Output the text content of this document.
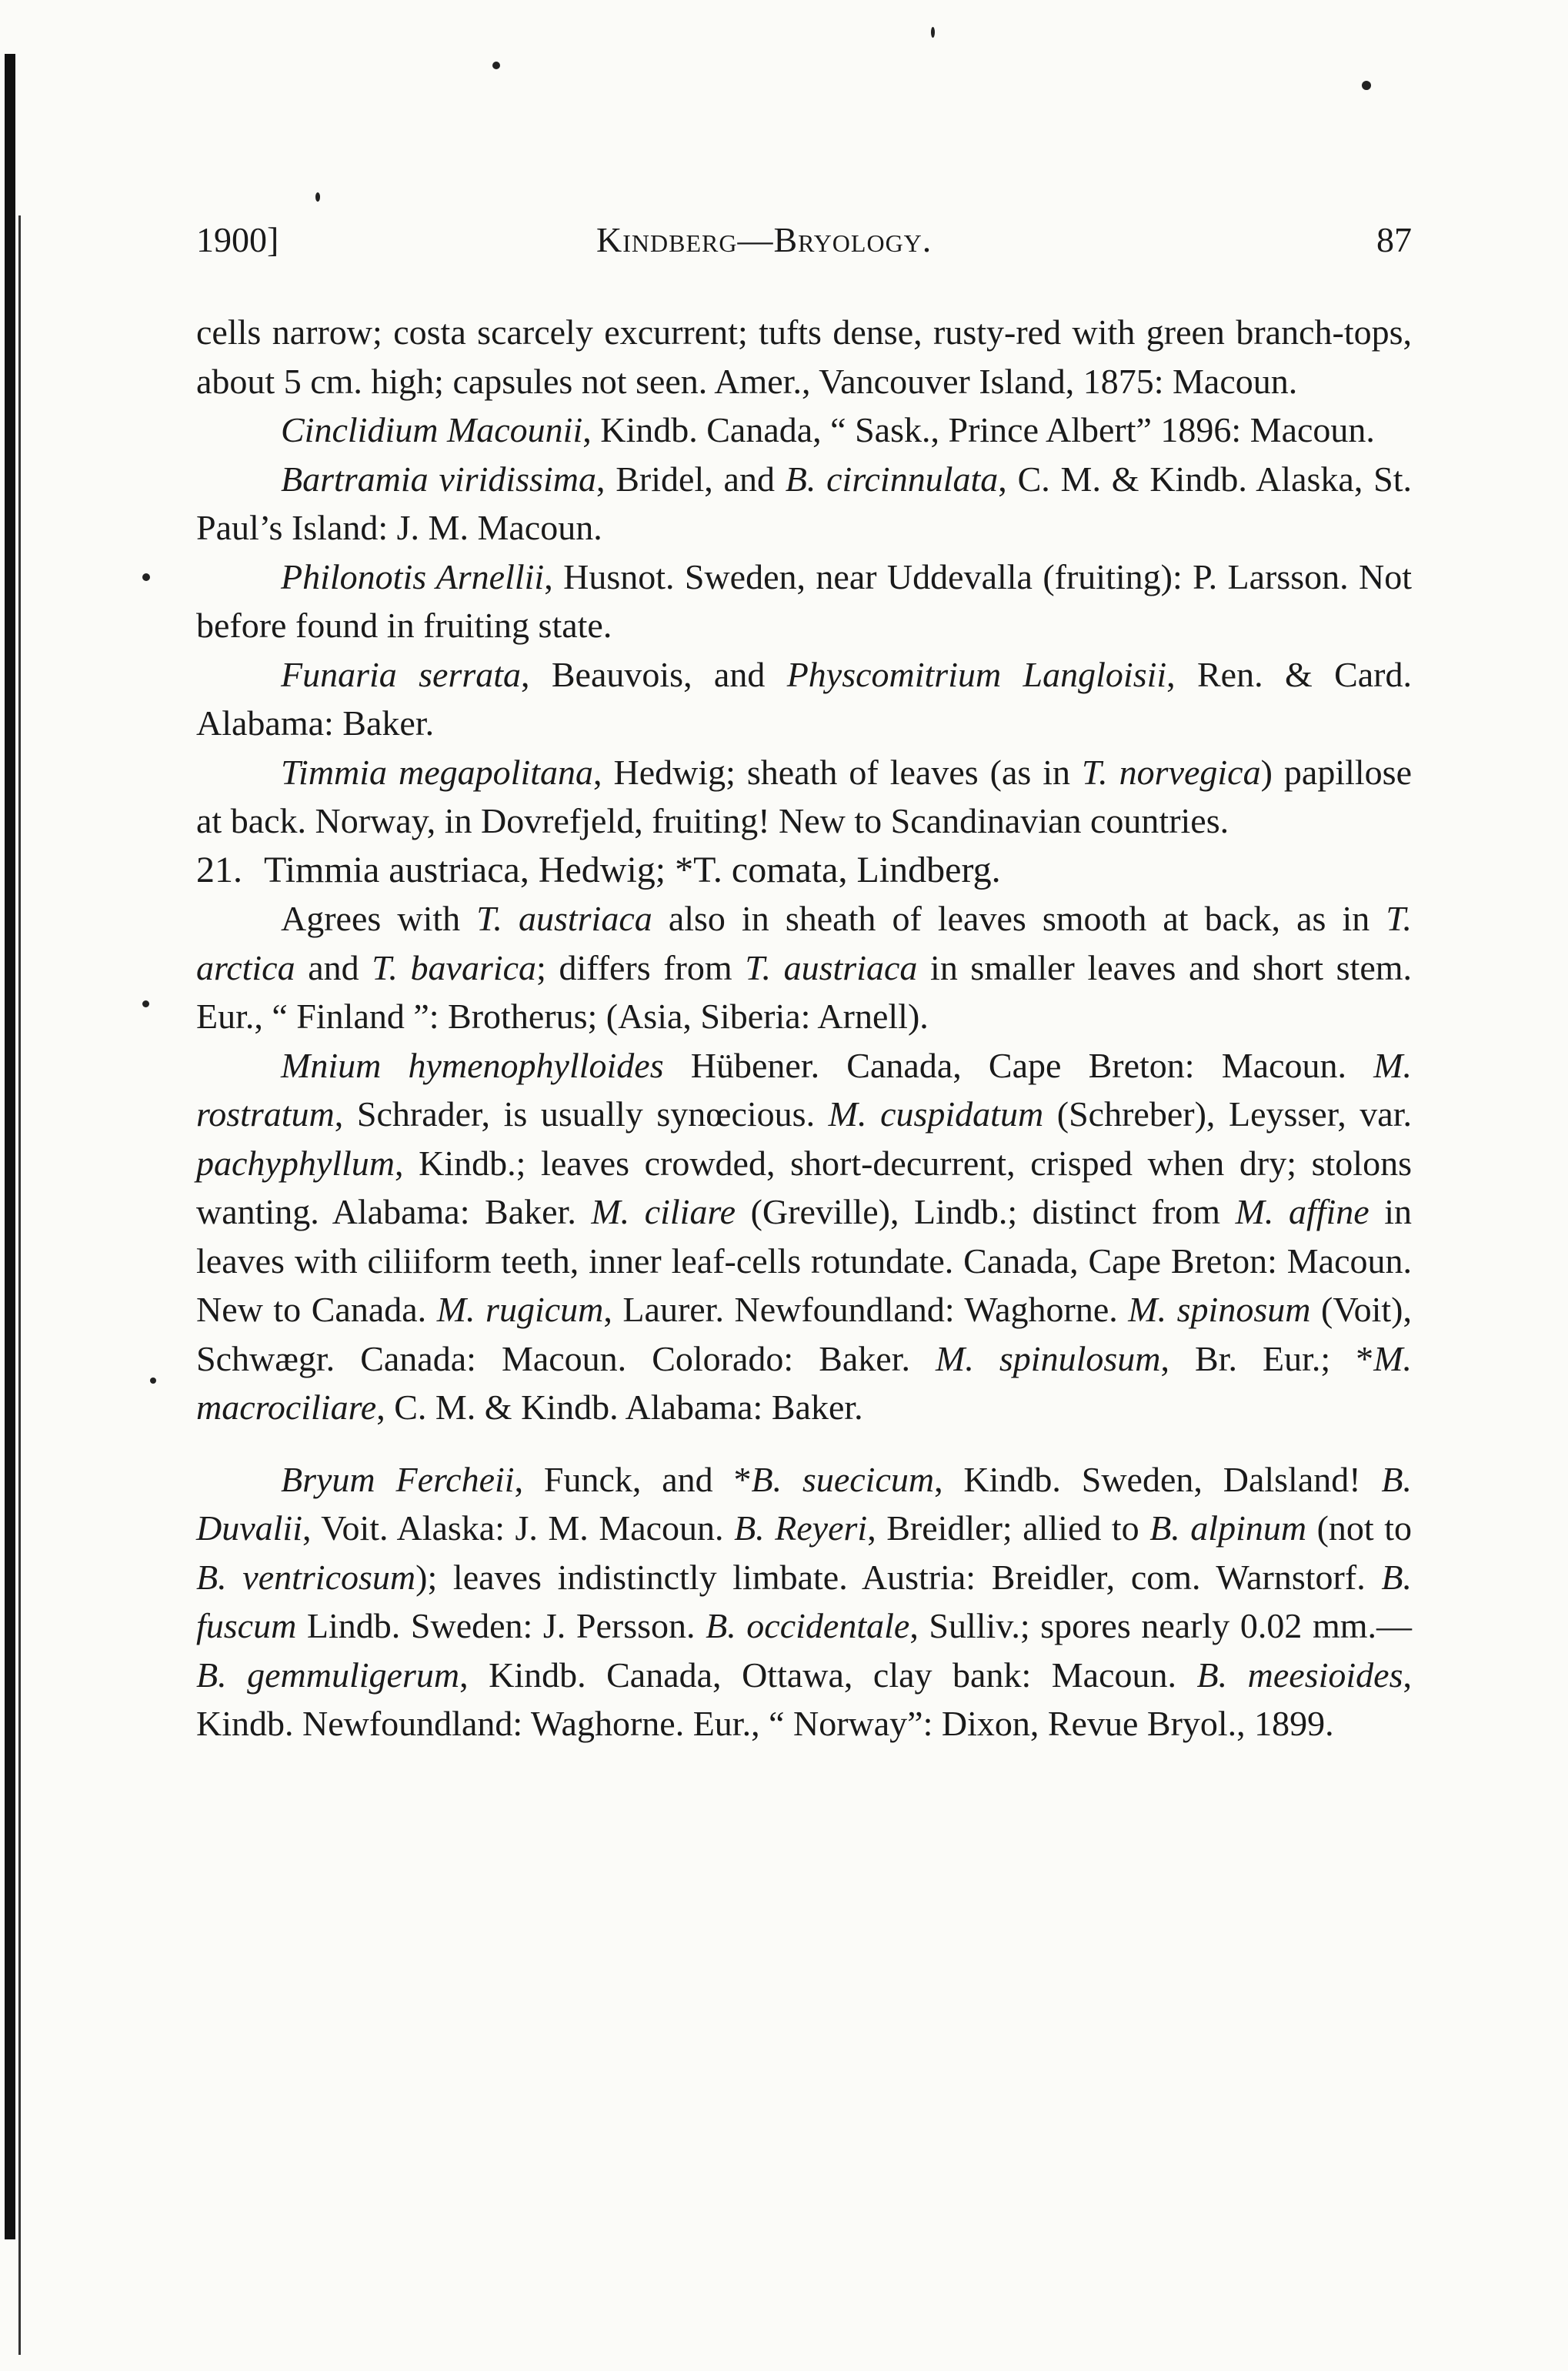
1900]	Kindberg—Bryology.	87

cells narrow; costa scarcely excurrent; tufts dense, rusty-red with green branch-tops, about 5 cm. high; capsules not seen. Amer., Vancouver Island, 1875: Macoun.

Cinclidium Macounii, Kindb. Canada, “ Sask., Prince Albert” 1896: Macoun.

Bartramia viridissima, Bridel, and B. circinnulata, C. M. & Kindb. Alaska, St. Paul’s Island: J. M. Macoun.

Philonotis Arnellii, Husnot. Sweden, near Uddevalla (fruiting): P. Larsson. Not before found in fruiting state.

Funaria serrata, Beauvois, and Physcomitrium Langloisii, Ren. & Card. Alabama: Baker.

Timmia megapolitana, Hedwig; sheath of leaves (as in T. norvegica) papillose at back. Norway, in Dovrefjeld, fruiting! New to Scandinavian countries.

21. Timmia austriaca, Hedwig; *T. comata, Lindberg.

Agrees with T. austriaca also in sheath of leaves smooth at back, as in T. arctica and T. bavarica; differs from T. austriaca in smaller leaves and short stem. Eur., “ Finland ”: Brotherus; (Asia, Siberia: Arnell).

Mnium hymenophylloides Hübener. Canada, Cape Breton: Macoun. M. rostratum, Schrader, is usually synœcious. M. cuspidatum (Schreber), Leysser, var. pachyphyllum, Kindb.; leaves crowded, short-decurrent, crisped when dry; stolons wanting. Alabama: Baker. M. ciliare (Greville), Lindb.; distinct from M. affine in leaves with ciliiform teeth, inner leaf-cells rotundate. Canada, Cape Breton: Macoun. New to Canada. M. rugicum, Laurer. Newfoundland: Waghorne. M. spinosum (Voit), Schwægr. Canada: Macoun. Colorado: Baker. M. spinulosum, Br. Eur.; *M. macrociliare, C. M. & Kindb. Alabama: Baker.

Bryum Fercheii, Funck, and *B. suecicum, Kindb. Sweden, Dalsland! B. Duvalii, Voit. Alaska: J. M. Macoun. B. Reyeri, Breidler; allied to B. alpinum (not to B. ventricosum); leaves indistinctly limbate. Austria: Breidler, com. Warnstorf. B. fuscum Lindb. Sweden: J. Persson. B. occidentale, Sulliv.; spores nearly 0.02 mm.—B. gemmuligerum, Kindb. Canada, Ottawa, clay bank: Macoun. B. meesioides, Kindb. Newfoundland: Waghorne. Eur., “ Norway”: Dixon, Revue Bryol., 1899.
